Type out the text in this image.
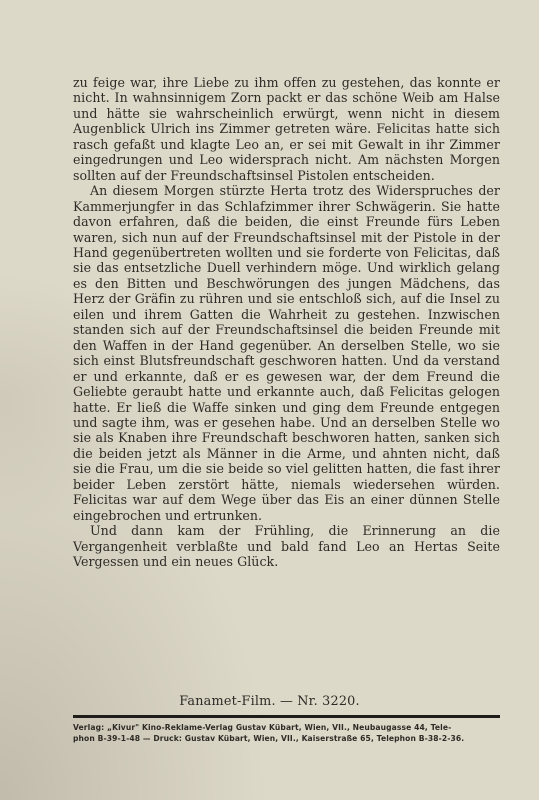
zu feige war, ihre Liebe zu ihm offen zu gestehen, das konnte er nicht. In wahnsinnigem Zorn packt er das schöne Weib am Halse und hätte sie wahrscheinlich erwürgt, wenn nicht in diesem Augenblick Ulrich ins Zimmer getreten wäre. Felicitas hatte sich rasch gefaßt und klagte Leo an, er sei mit Gewalt in ihr Zimmer eingedrungen und Leo widersprach nicht. Am nächsten Morgen sollten auf der Freundschaftsinsel Pistolen entscheiden.

An diesem Morgen stürzte Herta trotz des Widerspruches der Kammerjungfer in das Schlafzimmer ihrer Schwägerin. Sie hatte davon erfahren, daß die beiden, die einst Freunde fürs Leben waren, sich nun auf der Freundschaftsinsel mit der Pistole in der Hand gegenübertreten wollten und sie forderte von Felicitas, daß sie das entsetzliche Duell verhindern möge. Und wirklich gelang es den Bitten und Beschwörungen des jungen Mädchens, das Herz der Gräfin zu rühren und sie entschloß sich, auf die Insel zu eilen und ihrem Gatten die Wahrheit zu gestehen. Inzwischen standen sich auf der Freundschaftsinsel die beiden Freunde mit den Waffen in der Hand gegenüber. An derselben Stelle, wo sie sich einst Blutsfreundschaft geschworen hatten. Und da verstand er und erkannte, daß er es gewesen war, der dem Freund die Geliebte geraubt hatte und erkannte auch, daß Felicitas gelogen hatte. Er ließ die Waffe sinken und ging dem Freunde entgegen und sagte ihm, was er gesehen habe. Und an derselben Stelle wo sie als Knaben ihre Freundschaft beschworen hatten, sanken sich die beiden jetzt als Männer in die Arme, und ahnten nicht, daß sie die Frau, um die sie beide so viel gelitten hatten, die fast ihrer beider Leben zerstört hätte, niemals wiedersehen würden. Felicitas war auf dem Wege über das Eis an einer dünnen Stelle eingebrochen und ertrunken.

Und dann kam der Frühling, die Erinnerung an die Vergangenheit verblaßte und bald fand Leo an Hertas Seite Vergessen und ein neues Glück.

Fanamet-Film. — Nr. 3220.
Verlag: „Kivur" Kino-Reklame-Verlag Gustav Kübart, Wien, VII., Neubaugasse 44, Tele-
phon B-39-1-48 — Druck: Gustav Kübart, Wien, VII., Kaiserstraße 65, Telephon B-38-2-36.
